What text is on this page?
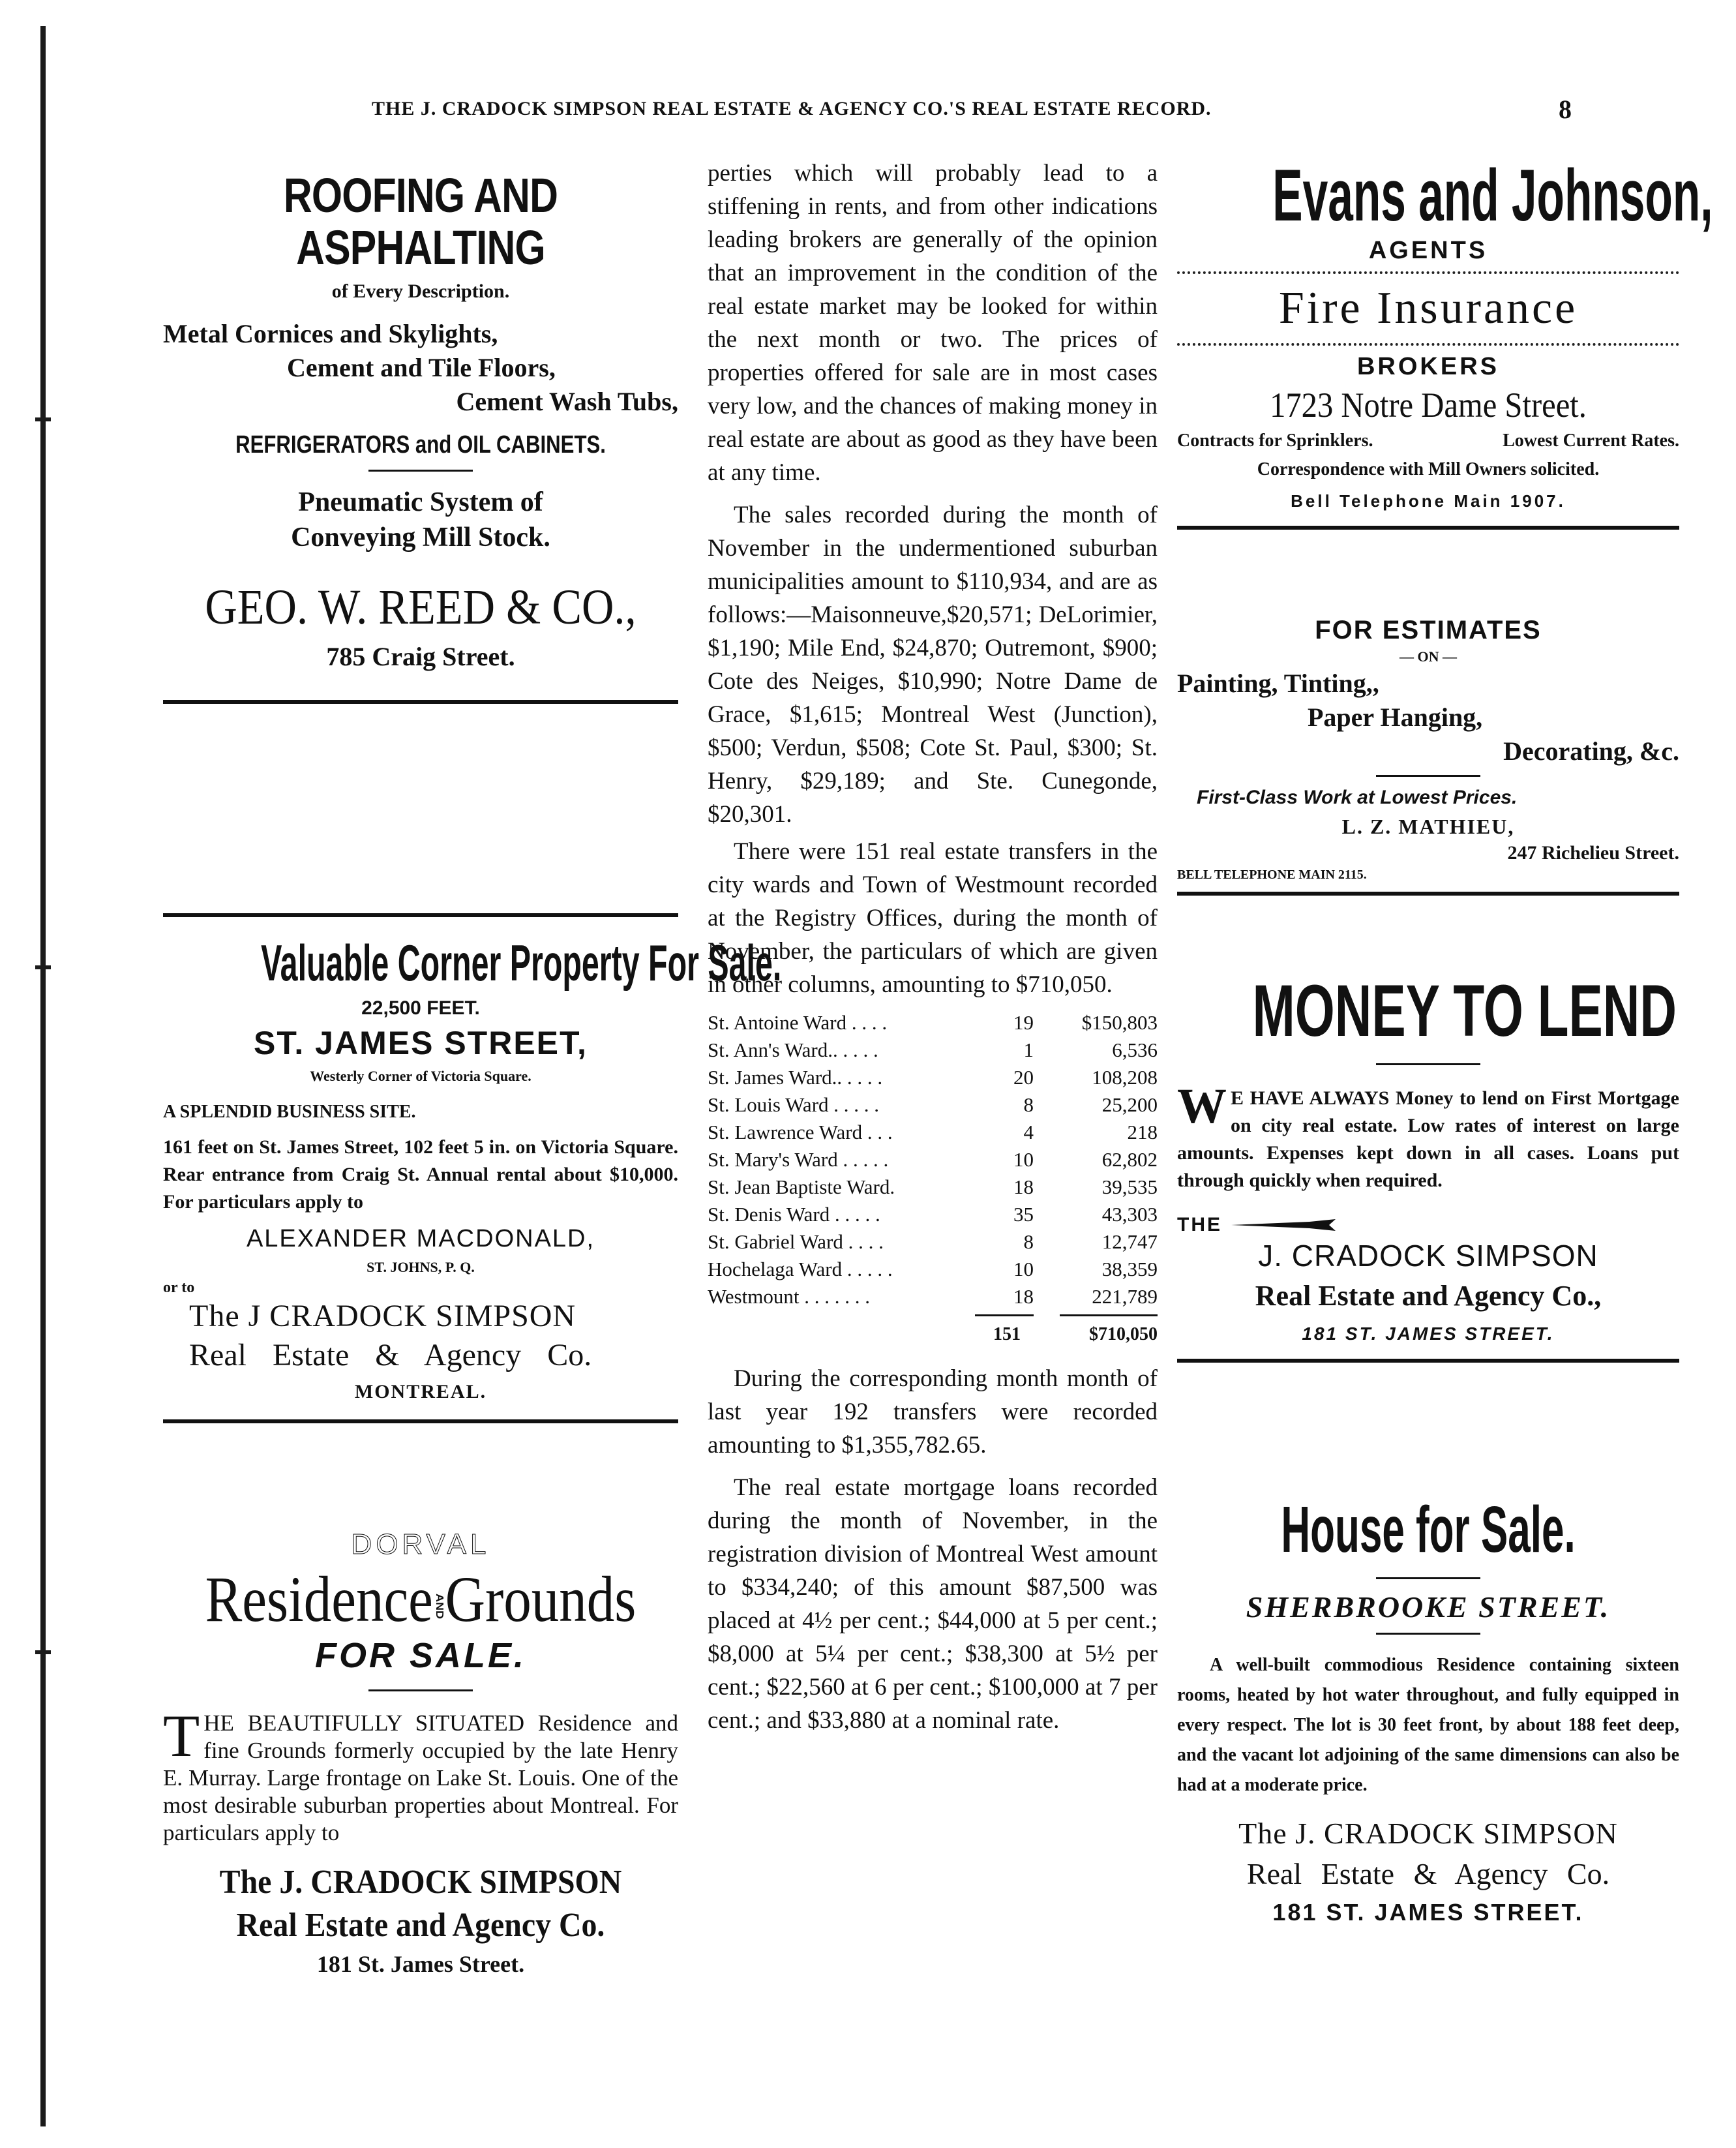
THE J. CRADOCK SIMPSON REAL ESTATE & AGENCY CO.'S REAL ESTATE RECORD.	8
ROOFING AND ASPHALTING
of Every Description.
Metal Cornices and Skylights,
Cement and Tile Floors,
Cement Wash Tubs,
REFRIGERATORS and OIL CABINETS.
Pneumatic System of
Conveying Mill Stock.
GEO. W. REED & CO.,
785 Craig Street.
Valuable Corner Property For Sale.
22,500 FEET.
ST. JAMES STREET,
Westerly Corner of Victoria Square.
A SPLENDID BUSINESS SITE.
161 feet on St. James Street, 102 feet 5 in. on Victoria Square. Rear entrance from Craig St. Annual rental about $10,000. For particulars apply to
ALEXANDER MACDONALD,
ST. JOHNS, P. Q.
or to
The J CRADOCK SIMPSON
Real Estate & Agency Co.
MONTREAL.
DORVAL
ResidenceANDGrounds
FOR SALE.
THE BEAUTIFULLY SITUATED Residence and fine Grounds formerly occupied by the late Henry E. Murray. Large frontage on Lake St. Louis. One of the most desirable suburban properties about Montreal. For particulars apply to
The J. CRADOCK SIMPSON
Real Estate and Agency Co.
181 St. James Street.
perties which will probably lead to a stiffening in rents, and from other indications leading brokers are generally of the opinion that an improvement in the condition of the real estate market may be looked for within the next month or two. The prices of properties offered for sale are in most cases very low, and the chances of making money in real estate are about as good as they have been at any time.
The sales recorded during the month of November in the undermentioned suburban municipalities amount to $110,934, and are as follows:—Maisonneuve,$20,571; DeLorimier, $1,190; Mile End, $24,870; Outremont, $900; Cote des Neiges, $10,990; Notre Dame de Grace, $1,615; Montreal West (Junction), $500; Verdun, $508; Cote St. Paul, $300; St. Henry, $29,189; and Ste. Cunegonde, $20,301.
There were 151 real estate transfers in the city wards and Town of Westmount recorded at the Registry Offices, during the month of November, the particulars of which are given in other columns, amounting to $710,050.
St. Antoine Ward . . . .	19	$150,803
St. Ann's Ward.. . . . .	1	6,536
St. James Ward.. . . . .	20	108,208
St. Louis Ward . . . . .	8	25,200
St. Lawrence Ward . . .	4	218
St. Mary's Ward . . . . .	10	62,802
St. Jean Baptiste Ward.	18	39,535
St. Denis Ward . . . . .	35	43,303
St. Gabriel Ward . . . .	8	12,747
Hochelaga Ward . . . . .	10	38,359
Westmount . . . . . . .	18	221,789
151	$710,050
During the corresponding month month of last year 192 transfers were recorded amounting to $1,355,782.65.
The real estate mortgage loans recorded during the month of November, in the registration division of Montreal West amount to $334,240; of this amount $87,500 was placed at 4½ per cent.; $44,000 at 5 per cent.; $8,000 at 5¼ per cent.; $38,300 at 5½ per cent.; $22,560 at 6 per cent.; $100,000 at 7 per cent.; and $33,880 at a nominal rate.
Evans and Johnson,
AGENTS
Fire Insurance
BROKERS
1723 Notre Dame Street.
Contracts for Sprinklers.	Lowest Current Rates.
Correspondence with Mill Owners solicited.
Bell Telephone Main 1907.
FOR ESTIMATES
— ON —
Painting, Tinting,,
Paper Hanging,
Decorating, &c.
First-Class Work at Lowest Prices.
L. Z. MATHIEU,
247 Richelieu Street.
BELL TELEPHONE MAIN 2115.
MONEY TO LEND
W E HAVE ALWAYS Money to lend on First Mortgage on city real estate. Low rates of interest on large amounts. Expenses kept down in all cases. Loans put through quickly when required.
THE
J. CRADOCK SIMPSON
Real Estate and Agency Co.,
181 ST. JAMES STREET.
House for Sale.
SHERBROOKE STREET.
A well-built commodious Residence containing sixteen rooms, heated by hot water throughout, and fully equipped in every respect. The lot is 30 feet front, by about 188 feet deep, and the vacant lot adjoining of the same dimensions can also be had at a moderate price.
The J. CRADOCK SIMPSON
Real Estate & Agency Co.
181 ST. JAMES STREET.
